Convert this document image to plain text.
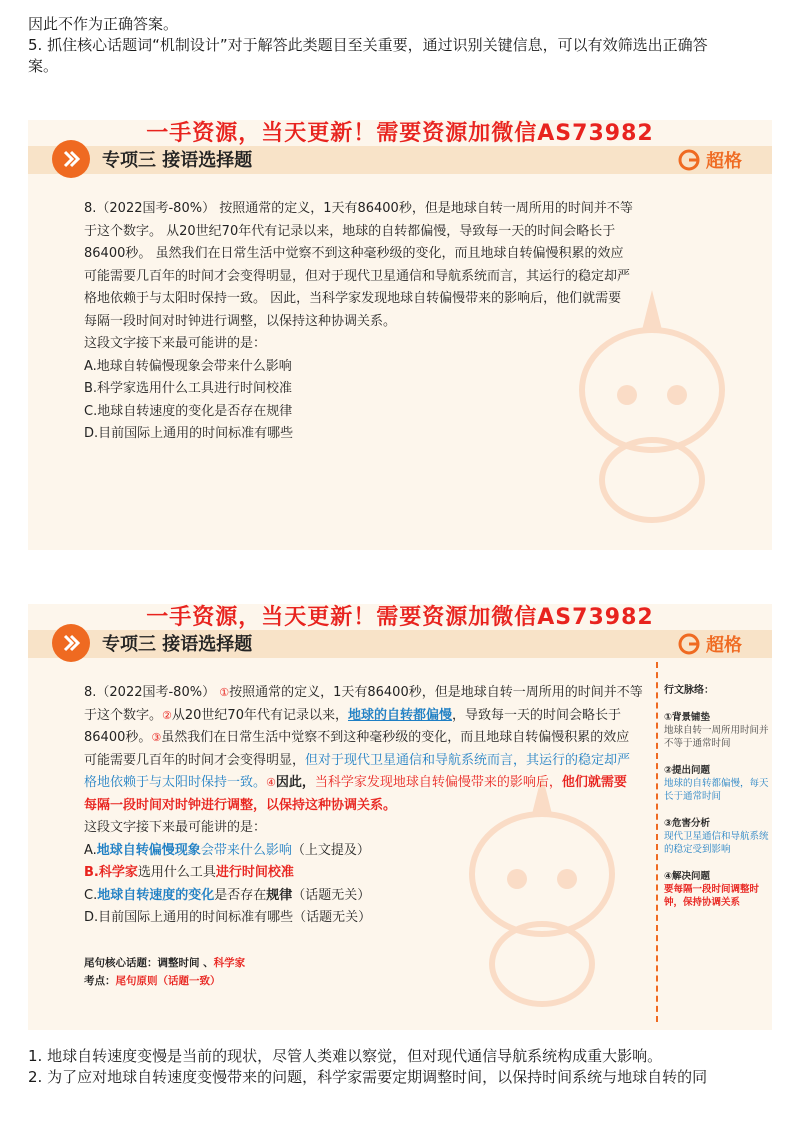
因此不作为正确答案。
5. 抓住核心话题词“机制设计”对于解答此类题目至关重要，通过识别关键信息，可以有效筛选出正确答
案。
一手资源，当天更新！需要资源加微信AS73982
专项三 接语选择题	超格

8.（2022国考-80%） 按照通常的定义，1天有86400秒，但是地球自转一周所用的时间并不等

于这个数字。 从20世纪70年代有记录以来，地球的自转都偏慢，导致每一天的时间会略长于

86400秒。 虽然我们在日常生活中觉察不到这种毫秒级的变化，而且地球自转偏慢积累的效应

可能需要几百年的时间才会变得明显，但对于现代卫星通信和导航系统而言，其运行的稳定却严

格地依赖于与太阳时保持一致。 因此，当科学家发现地球自转偏慢带来的影响后，他们就需要

每隔一段时间对时钟进行调整，以保持这种协调关系。

这段文字接下来最可能讲的是：

A.地球自转偏慢现象会带来什么影响

B.科学家选用什么工具进行时间校准

C.地球自转速度的变化是否存在规律

D.目前国际上通用的时间标准有哪些

一手资源，当天更新！需要资源加微信AS73982
专项三 接语选择题	超格

8.（2022国考-80%） ①按照通常的定义，1天有86400秒，但是地球自转一周所用的时间并不等

于这个数字。②从20世纪70年代有记录以来，地球的自转都偏慢，导致每一天的时间会略长于

86400秒。③虽然我们在日常生活中觉察不到这种毫秒级的变化，而且地球自转偏慢积累的效应

可能需要几百年的时间才会变得明显，但对于现代卫星通信和导航系统而言，其运行的稳定却严

格地依赖于与太阳时保持一致。④因此，当科学家发现地球自转偏慢带来的影响后，他们就需要

每隔一段时间对时钟进行调整，以保持这种协调关系。

这段文字接下来最可能讲的是：

A.地球自转偏慢现象会带来什么影响（上文提及）

B.科学家选用什么工具进行时间校准

C.地球自转速度的变化是否存在规律（话题无关）

D.目前国际上通用的时间标准有哪些（话题无关）

尾句核心话题：调整时间 、科学家
考点：尾句原则（话题一致）
行文脉络：
①背景铺垫
地球自转一周所用时间并不等于通常时间
②提出问题
地球的自转都偏慢，每天长于通常时间
③危害分析
现代卫星通信和导航系统的稳定受到影响
④解决问题
要每隔一段时间调整时钟，保持协调关系
1. 地球自转速度变慢是当前的现状，尽管人类难以察觉，但对现代通信导航系统构成重大影响。
2. 为了应对地球自转速度变慢带来的问题，科学家需要定期调整时间，以保持时间系统与地球自转的同
